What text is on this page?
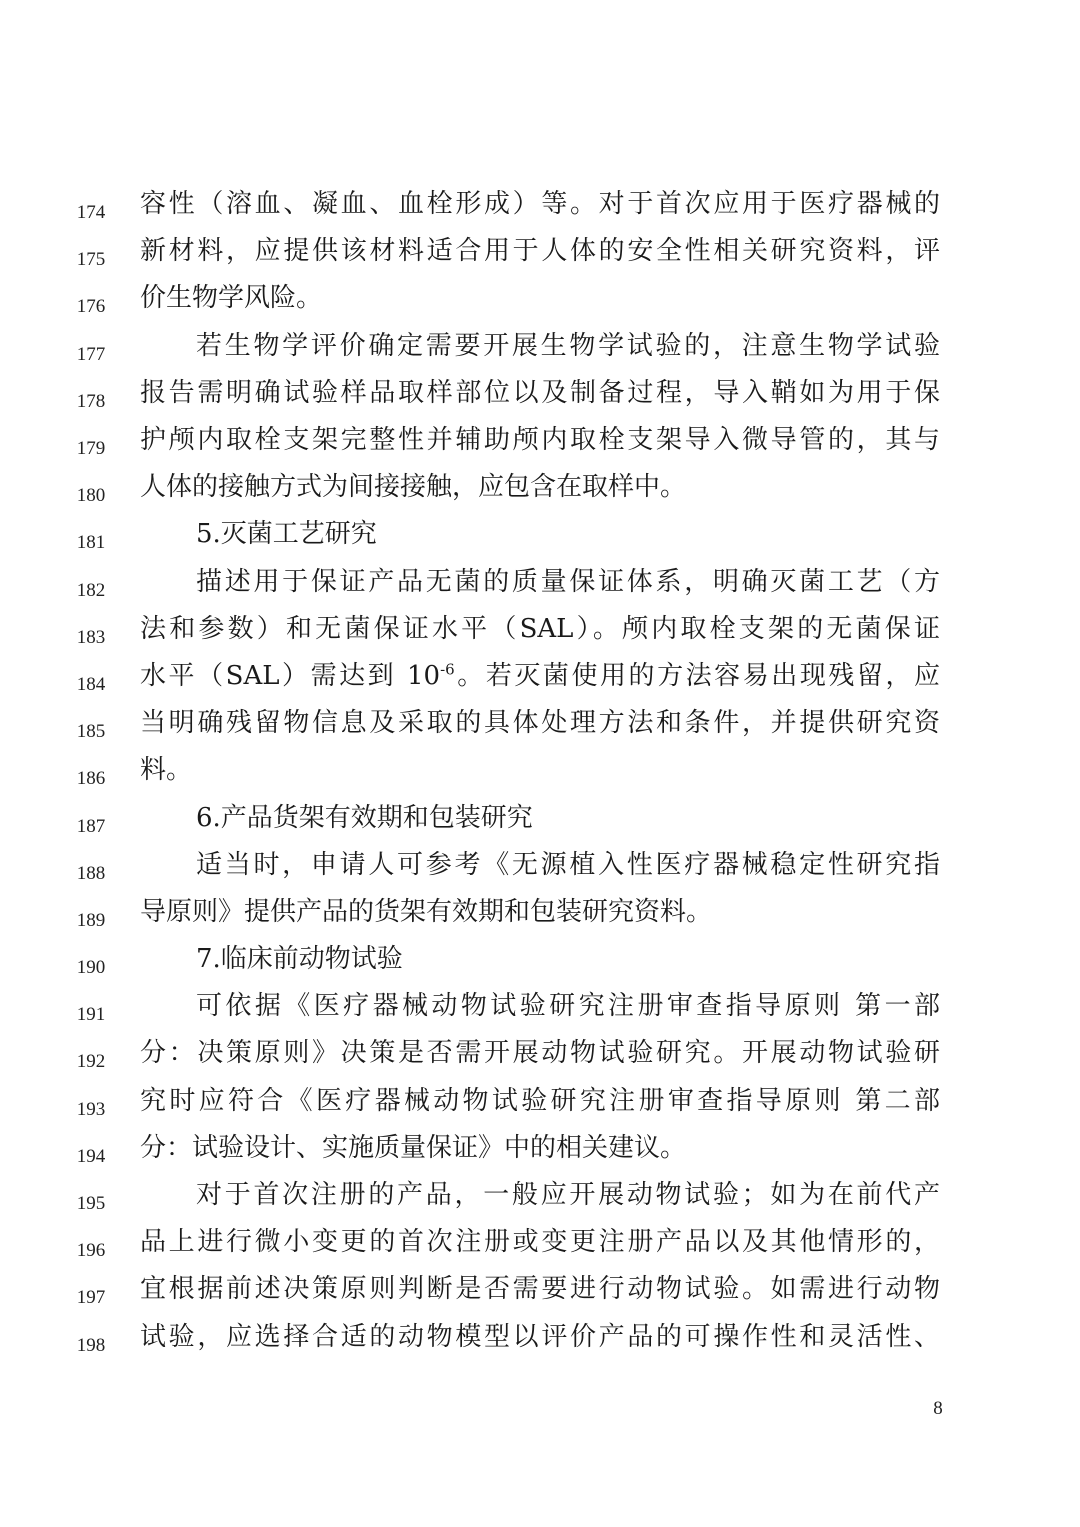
174	容性（溶血、凝血、血栓形成）等。对于首次应用于医疗器械的
175	新材料，应提供该材料适合用于人体的安全性相关研究资料，评
176	价生物学风险。
177	若生物学评价确定需要开展生物学试验的，注意生物学试验
178	报告需明确试验样品取样部位以及制备过程，导入鞘如为用于保
179	护颅内取栓支架完整性并辅助颅内取栓支架导入微导管的，其与
180	人体的接触方式为间接接触，应包含在取样中。
181	5.灭菌工艺研究
182	描述用于保证产品无菌的质量保证体系，明确灭菌工艺（方
183	法和参数）和无菌保证水平（SAL）。颅内取栓支架的无菌保证
184	水平（SAL）需达到 $10^{-6}$。若灭菌使用的方法容易出现残留，应
185	当明确残留物信息及采取的具体处理方法和条件，并提供研究资
186	料。
187	6.产品货架有效期和包装研究
188	适当时，申请人可参考《无源植入性医疗器械稳定性研究指
189	导原则》提供产品的货架有效期和包装研究资料。
190	7.临床前动物试验
191	可依据《医疗器械动物试验研究注册审查指导原则 第一部
192	分：决策原则》决策是否需开展动物试验研究。开展动物试验研
193	究时应符合《医疗器械动物试验研究注册审查指导原则 第二部
194	分：试验设计、实施质量保证》中的相关建议。
195	对于首次注册的产品，一般应开展动物试验；如为在前代产
196	品上进行微小变更的首次注册或变更注册产品以及其他情形的，
197	宜根据前述决策原则判断是否需要进行动物试验。如需进行动物
198	试验，应选择合适的动物模型以评价产品的可操作性和灵活性、
8
